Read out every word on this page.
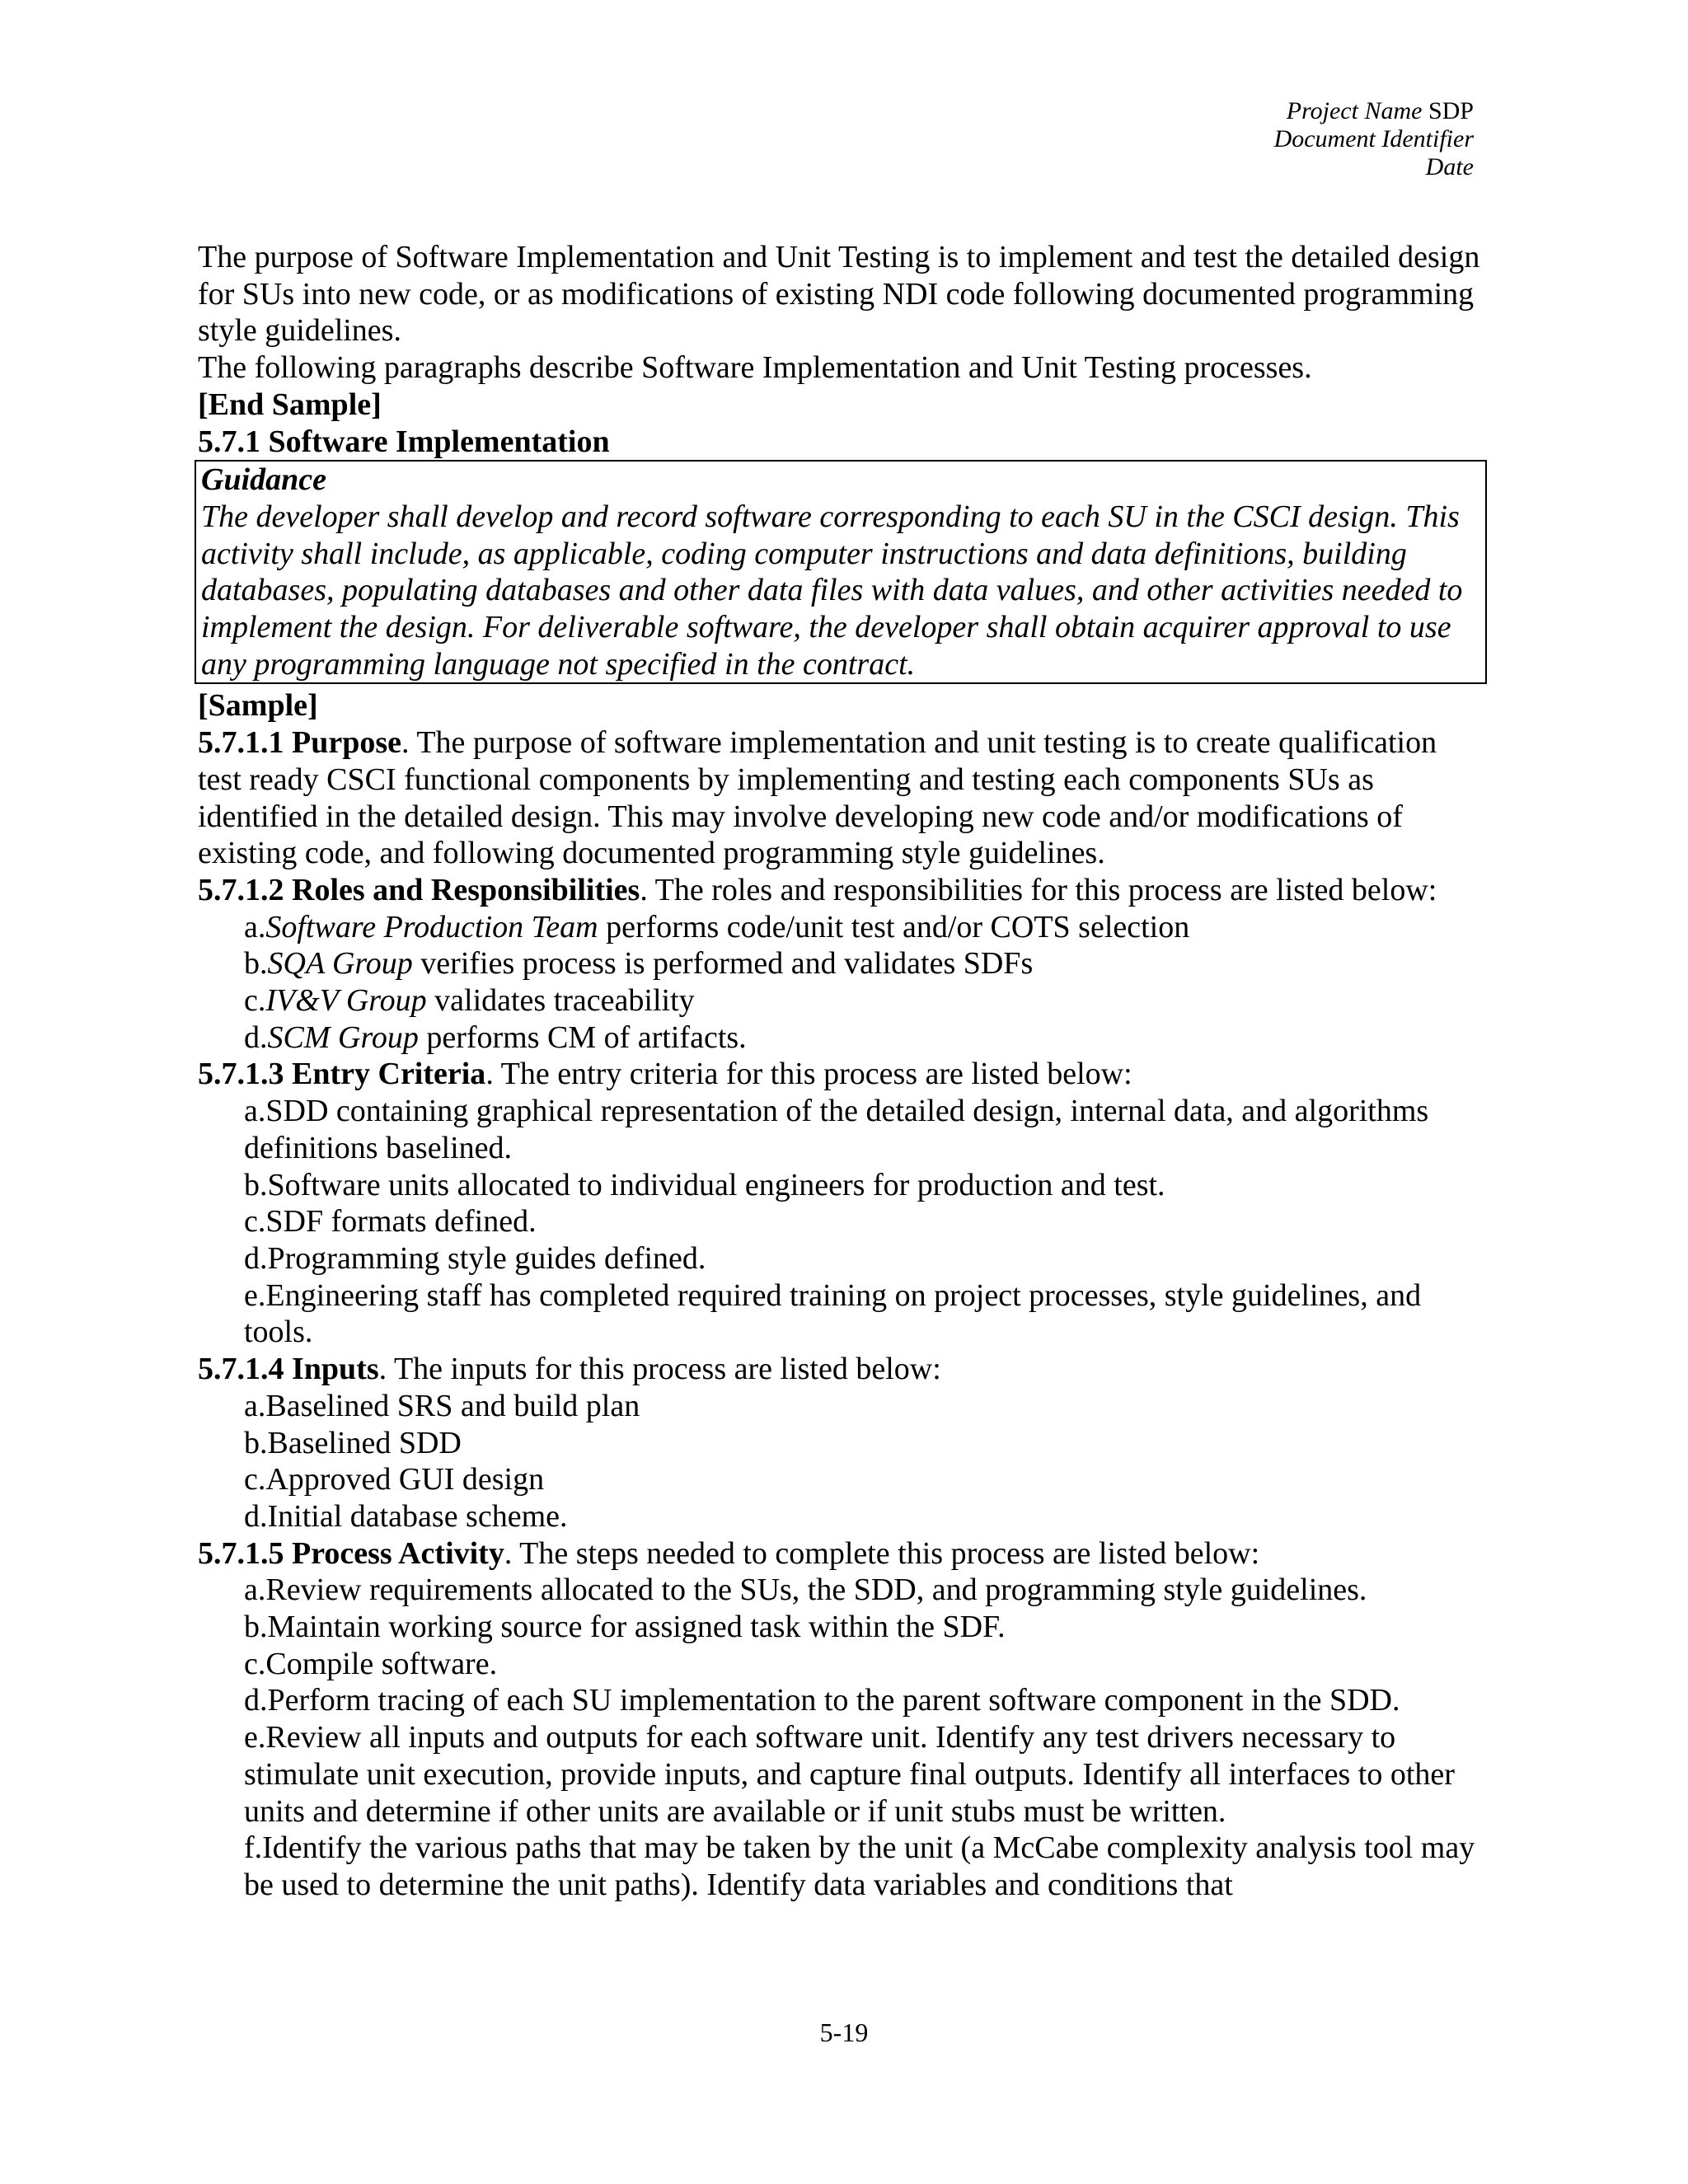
Project Name SDP
Document Identifier
Date

The purpose of Software Implementation and Unit Testing is to implement and test the detailed design for SUs into new code, or as modifications of existing NDI code following documented programming style guidelines.

The following paragraphs describe Software Implementation and Unit Testing processes.

[End Sample]

5.7.1 Software Implementation

Guidance
The developer shall develop and record software corresponding to each SU in the CSCI design. This activity shall include, as applicable, coding computer instructions and data definitions, building databases, populating databases and other data files with data values, and other activities needed to implement the design. For deliverable software, the developer shall obtain acquirer approval to use any programming language not specified in the contract.

[Sample]

5.7.1.1 Purpose. The purpose of software implementation and unit testing is to create qualification test ready CSCI functional components by implementing and testing each components SUs as identified in the detailed design. This may involve developing new code and/or modifications of existing code, and following documented programming style guidelines.

5.7.1.2 Roles and Responsibilities. The roles and responsibilities for this process are listed below:

a.Software Production Team performs code/unit test and/or COTS selection

b.SQA Group verifies process is performed and validates SDFs

c.IV&V Group validates traceability

d.SCM Group performs CM of artifacts.

5.7.1.3 Entry Criteria. The entry criteria for this process are listed below:

a.SDD containing graphical representation of the detailed design, internal data, and algorithms definitions baselined.

b.Software units allocated to individual engineers for production and test.

c.SDF formats defined.

d.Programming style guides defined.

e.Engineering staff has completed required training on project processes, style guidelines, and tools.

5.7.1.4 Inputs. The inputs for this process are listed below:

a.Baselined SRS and build plan

b.Baselined SDD

c.Approved GUI design

d.Initial database scheme.

5.7.1.5 Process Activity. The steps needed to complete this process are listed below:

a.Review requirements allocated to the SUs, the SDD, and programming style guidelines.

b.Maintain working source for assigned task within the SDF.

c.Compile software.

d.Perform tracing of each SU implementation to the parent software component in the SDD.

e.Review all inputs and outputs for each software unit. Identify any test drivers necessary to stimulate unit execution, provide inputs, and capture final outputs. Identify all interfaces to other units and determine if other units are available or if unit stubs must be written.

f.Identify the various paths that may be taken by the unit (a McCabe complexity analysis tool may be used to determine the unit paths). Identify data variables and conditions that

5-19
